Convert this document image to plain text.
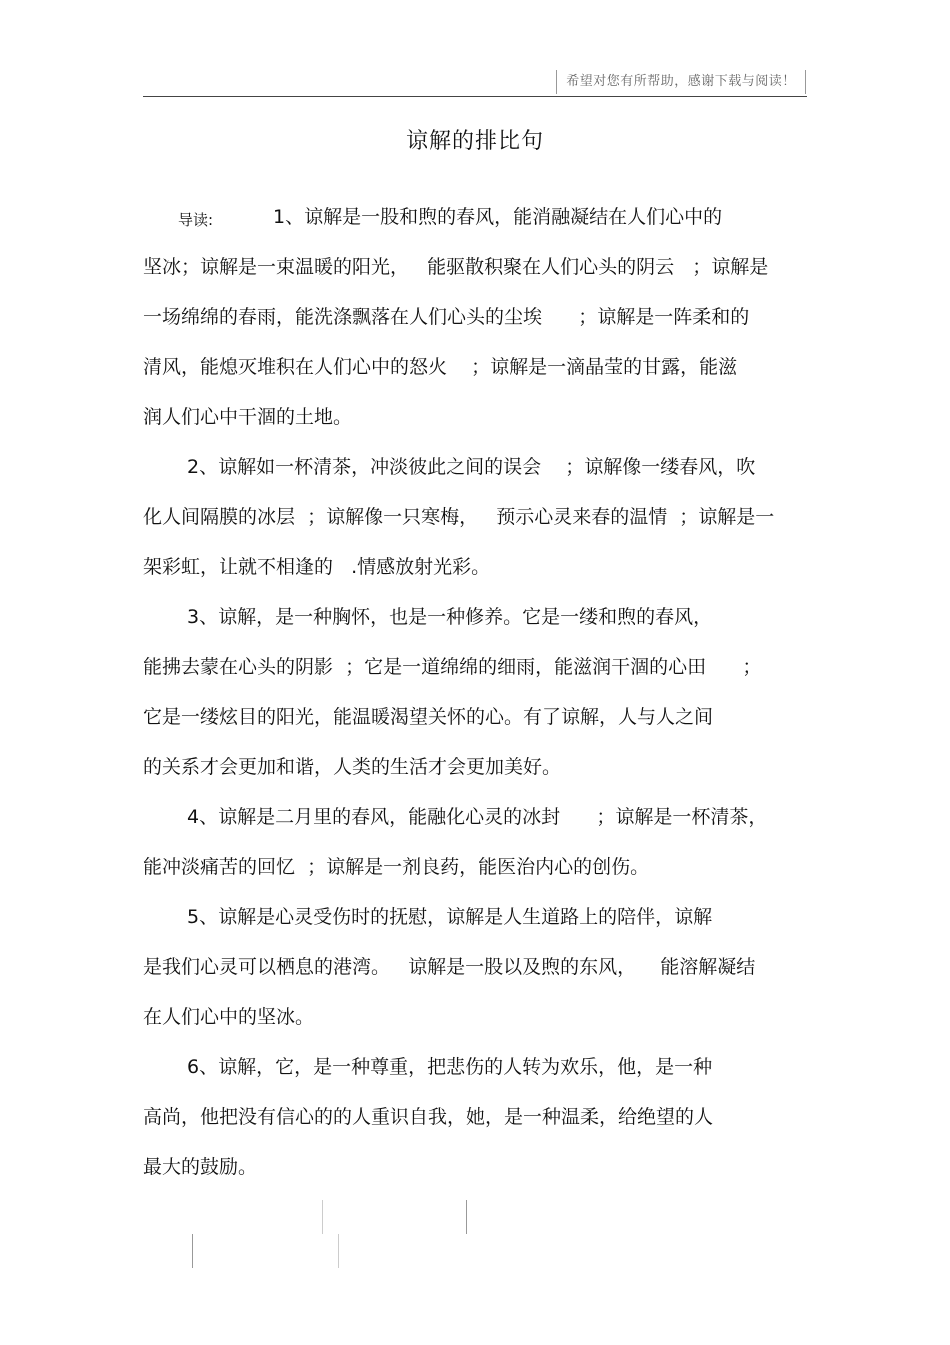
希望对您有所帮助，感谢下载与阅读！
谅解的排比句
导读:	1、谅解是一股和煦的春风，能消融凝结在人们心中的
坚冰；谅解是一束温暖的阳光，   能驱散积聚在人们心头的阴云   ；谅解是
一场绵绵的春雨，能洗涤飘落在人们心头的尘埃      ；谅解是一阵柔和的
清风，能熄灭堆积在人们心中的怒火    ；谅解是一滴晶莹的甘露，能滋
润人们心中干涸的土地。
2、谅解如一杯清茶，冲淡彼此之间的误会    ；谅解像一缕春风，吹
化人间隔膜的冰层  ；谅解像一只寒梅，   预示心灵来春的温情  ；谅解是一
架彩虹，让就不相逢的   .情感放射光彩。
3、谅解，是一种胸怀，也是一种修养。它是一缕和煦的春风，
能拂去蒙在心头的阴影  ；它是一道绵绵的细雨，能滋润干涸的心田      ；
它是一缕炫目的阳光，能温暖渴望关怀的心。有了谅解，人与人之间
的关系才会更加和谐，人类的生活才会更加美好。
4、谅解是二月里的春风，能融化心灵的冰封      ；谅解是一杯清茶，
能冲淡痛苦的回忆  ；谅解是一剂良药，能医治内心的创伤。
5、谅解是心灵受伤时的抚慰，谅解是人生道路上的陪伴，谅解
是我们心灵可以栖息的港湾。   谅解是一股以及煦的东风，    能溶解凝结
在人们心中的坚冰。
6、谅解，它，是一种尊重，把悲伤的人转为欢乐，他，是一种
高尚，他把没有信心的的人重识自我，她，是一种温柔，给绝望的人
最大的鼓励。
